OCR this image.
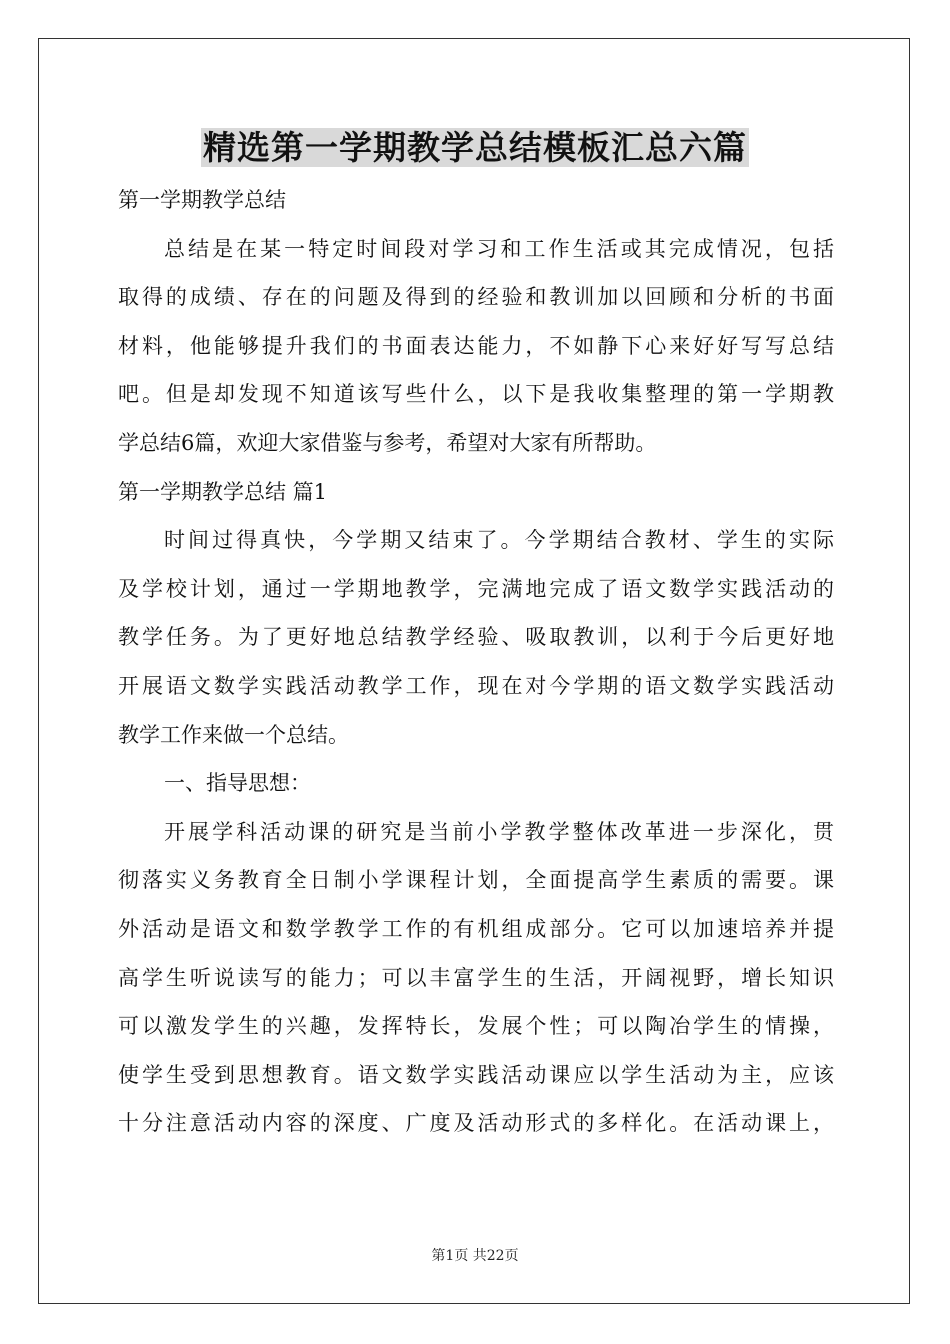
精选第一学期教学总结模板汇总六篇
第一学期教学总结
总结是在某一特定时间段对学习和工作生活或其完成情况，包括
取得的成绩、存在的问题及得到的经验和教训加以回顾和分析的书面
材料，他能够提升我们的书面表达能力，不如静下心来好好写写总结
吧。但是却发现不知道该写些什么，以下是我收集整理的第一学期教
学总结6篇，欢迎大家借鉴与参考，希望对大家有所帮助。
第一学期教学总结 篇1
时间过得真快，今学期又结束了。今学期结合教材、学生的实际
及学校计划，通过一学期地教学，完满地完成了语文数学实践活动的
教学任务。为了更好地总结教学经验、吸取教训，以利于今后更好地
开展语文数学实践活动教学工作，现在对今学期的语文数学实践活动
教学工作来做一个总结。
一、指导思想：
开展学科活动课的研究是当前小学教学整体改革进一步深化，贯
彻落实义务教育全日制小学课程计划，全面提高学生素质的需要。课
外活动是语文和数学教学工作的有机组成部分。它可以加速培养并提
高学生听说读写的能力；可以丰富学生的生活，开阔视野，增长知识
可以激发学生的兴趣，发挥特长，发展个性；可以陶冶学生的情操，
使学生受到思想教育。语文数学实践活动课应以学生活动为主，应该
十分注意活动内容的深度、广度及活动形式的多样化。在活动课上，
第1页 共22页
